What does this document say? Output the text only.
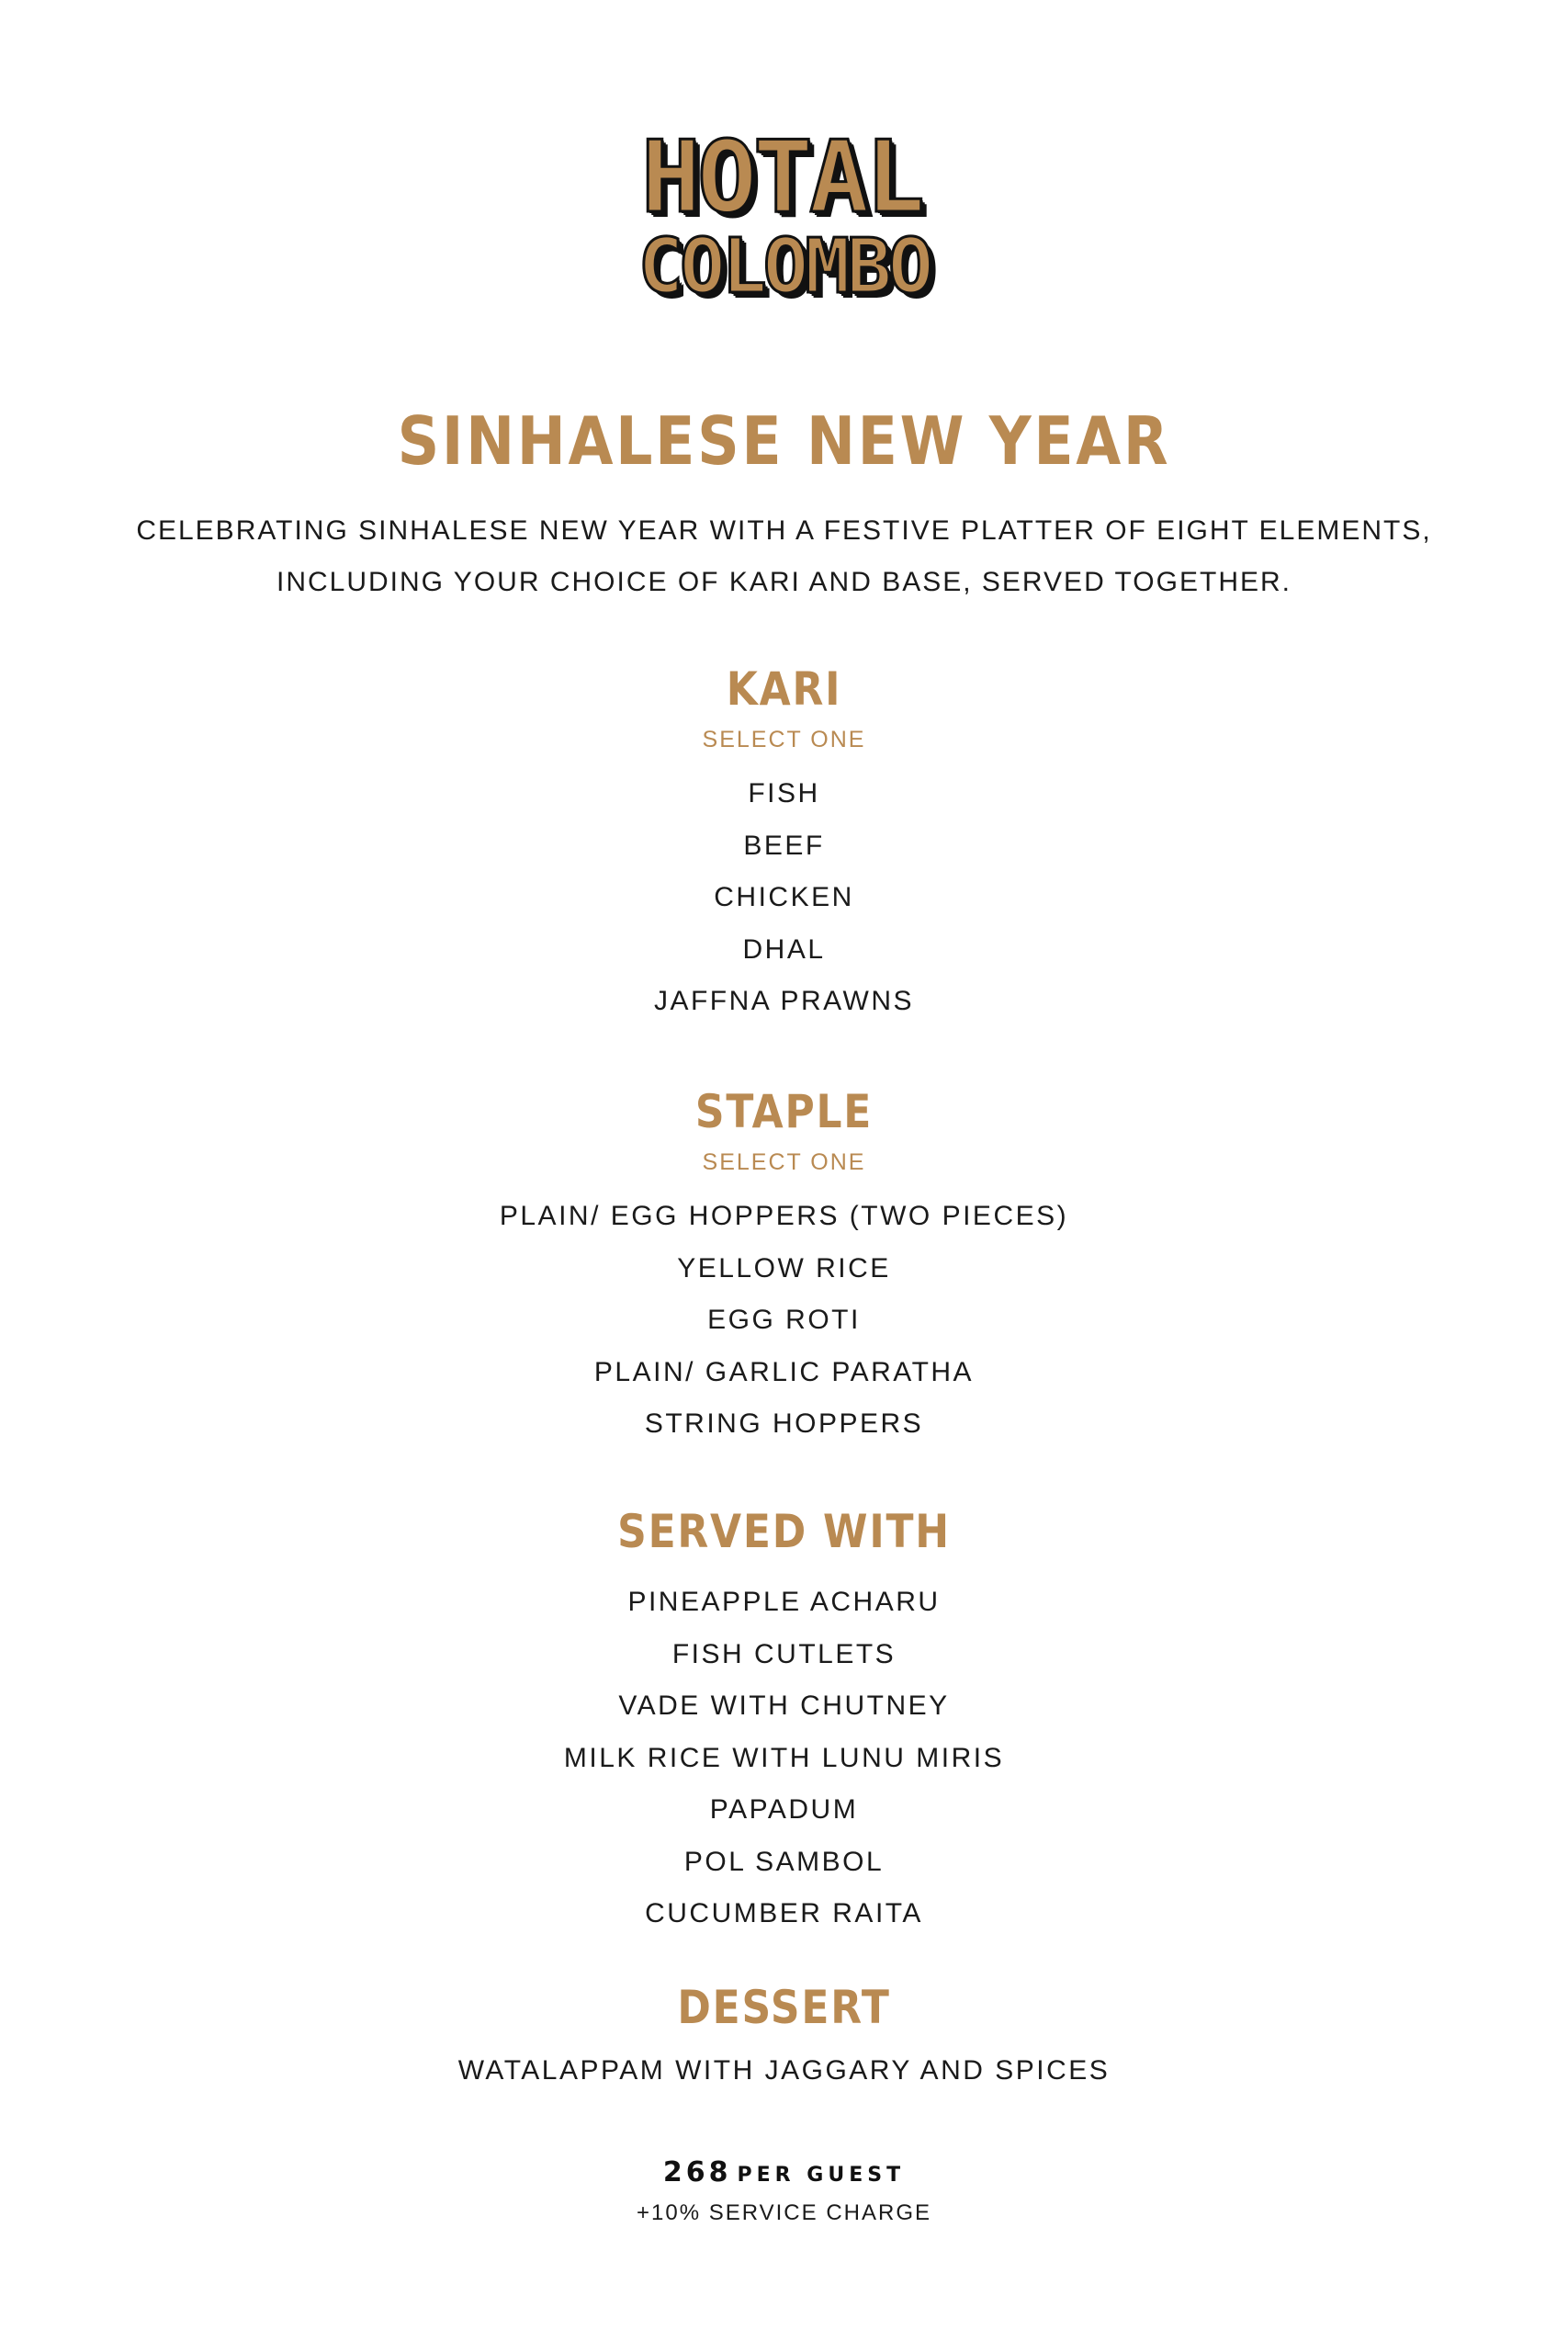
HOTAL
COLOMBO
SINHALESE NEW YEAR
CELEBRATING SINHALESE NEW YEAR WITH A FESTIVE PLATTER OF EIGHT ELEMENTS,
INCLUDING YOUR CHOICE OF KARI AND BASE, SERVED TOGETHER.
KARI
SELECT ONE
FISH
BEEF
CHICKEN
DHAL
JAFFNA PRAWNS
STAPLE
SELECT ONE
PLAIN/ EGG HOPPERS (TWO PIECES)
YELLOW RICE
EGG ROTI
PLAIN/ GARLIC PARATHA
STRING HOPPERS
SERVED WITH
PINEAPPLE ACHARU
FISH CUTLETS
VADE WITH CHUTNEY
MILK RICE WITH LUNU MIRIS
PAPADUM
POL SAMBOL
CUCUMBER RAITA
DESSERT
WATALAPPAM WITH JAGGARY AND SPICES
268 PER GUEST
+10% SERVICE CHARGE
